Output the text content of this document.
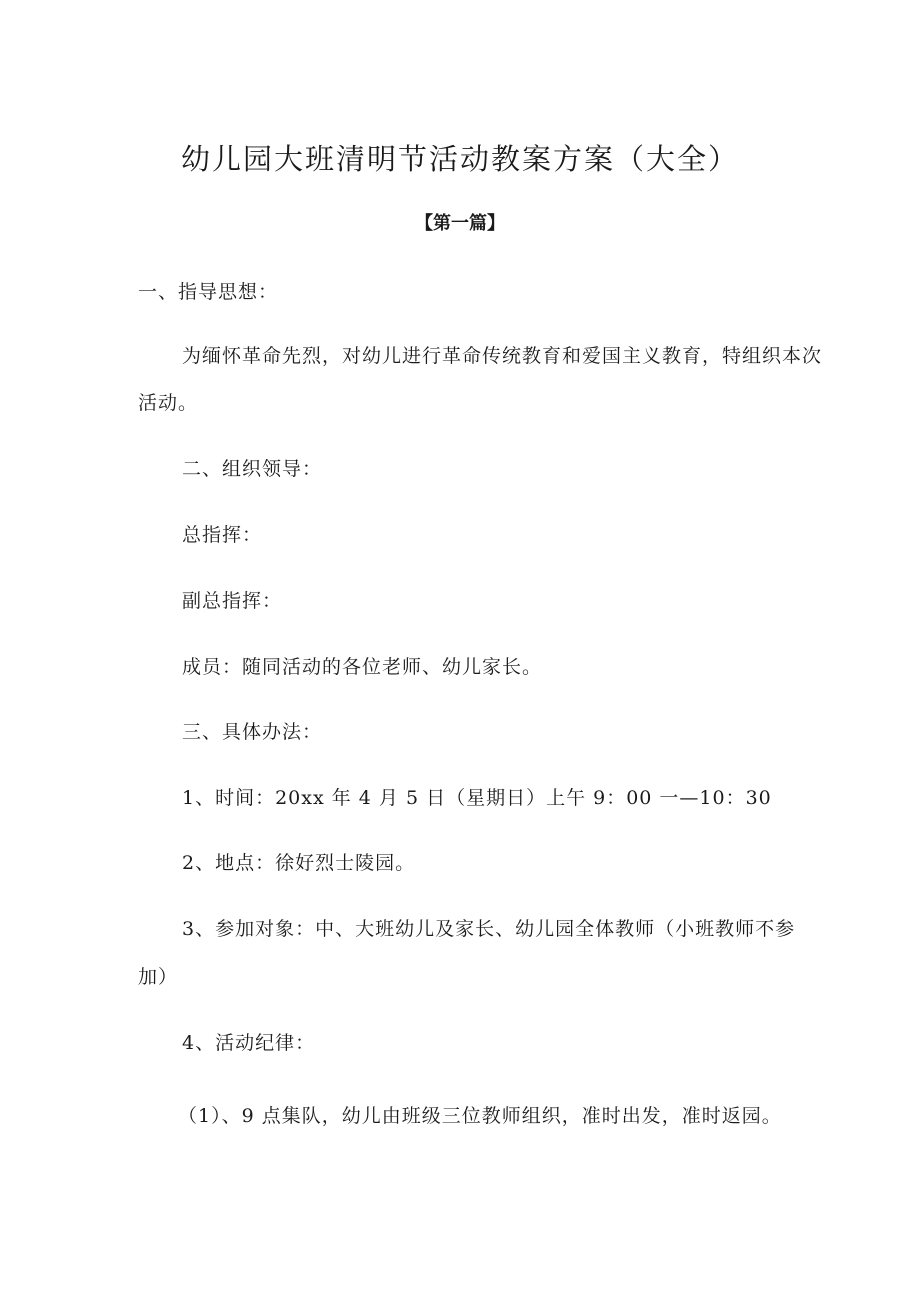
幼儿园大班清明节活动教案方案（大全）
【第一篇】
一、指导思想：
为缅怀革命先烈，对幼儿进行革命传统教育和爱国主义教育，特组织本次
活动。
二、组织领导：
总指挥：
副总指挥：
成员：随同活动的各位老师、幼儿家长。
三、具体办法：
1、时间：20xx 年 4 月 5 日（星期日）上午 9：00 一—10：30
2、地点：徐好烈士陵园。
3、参加对象：中、大班幼儿及家长、幼儿园全体教师（小班教师不参
加）
4、活动纪律：
（1）、9 点集队，幼儿由班级三位教师组织，准时出发，准时返园。
